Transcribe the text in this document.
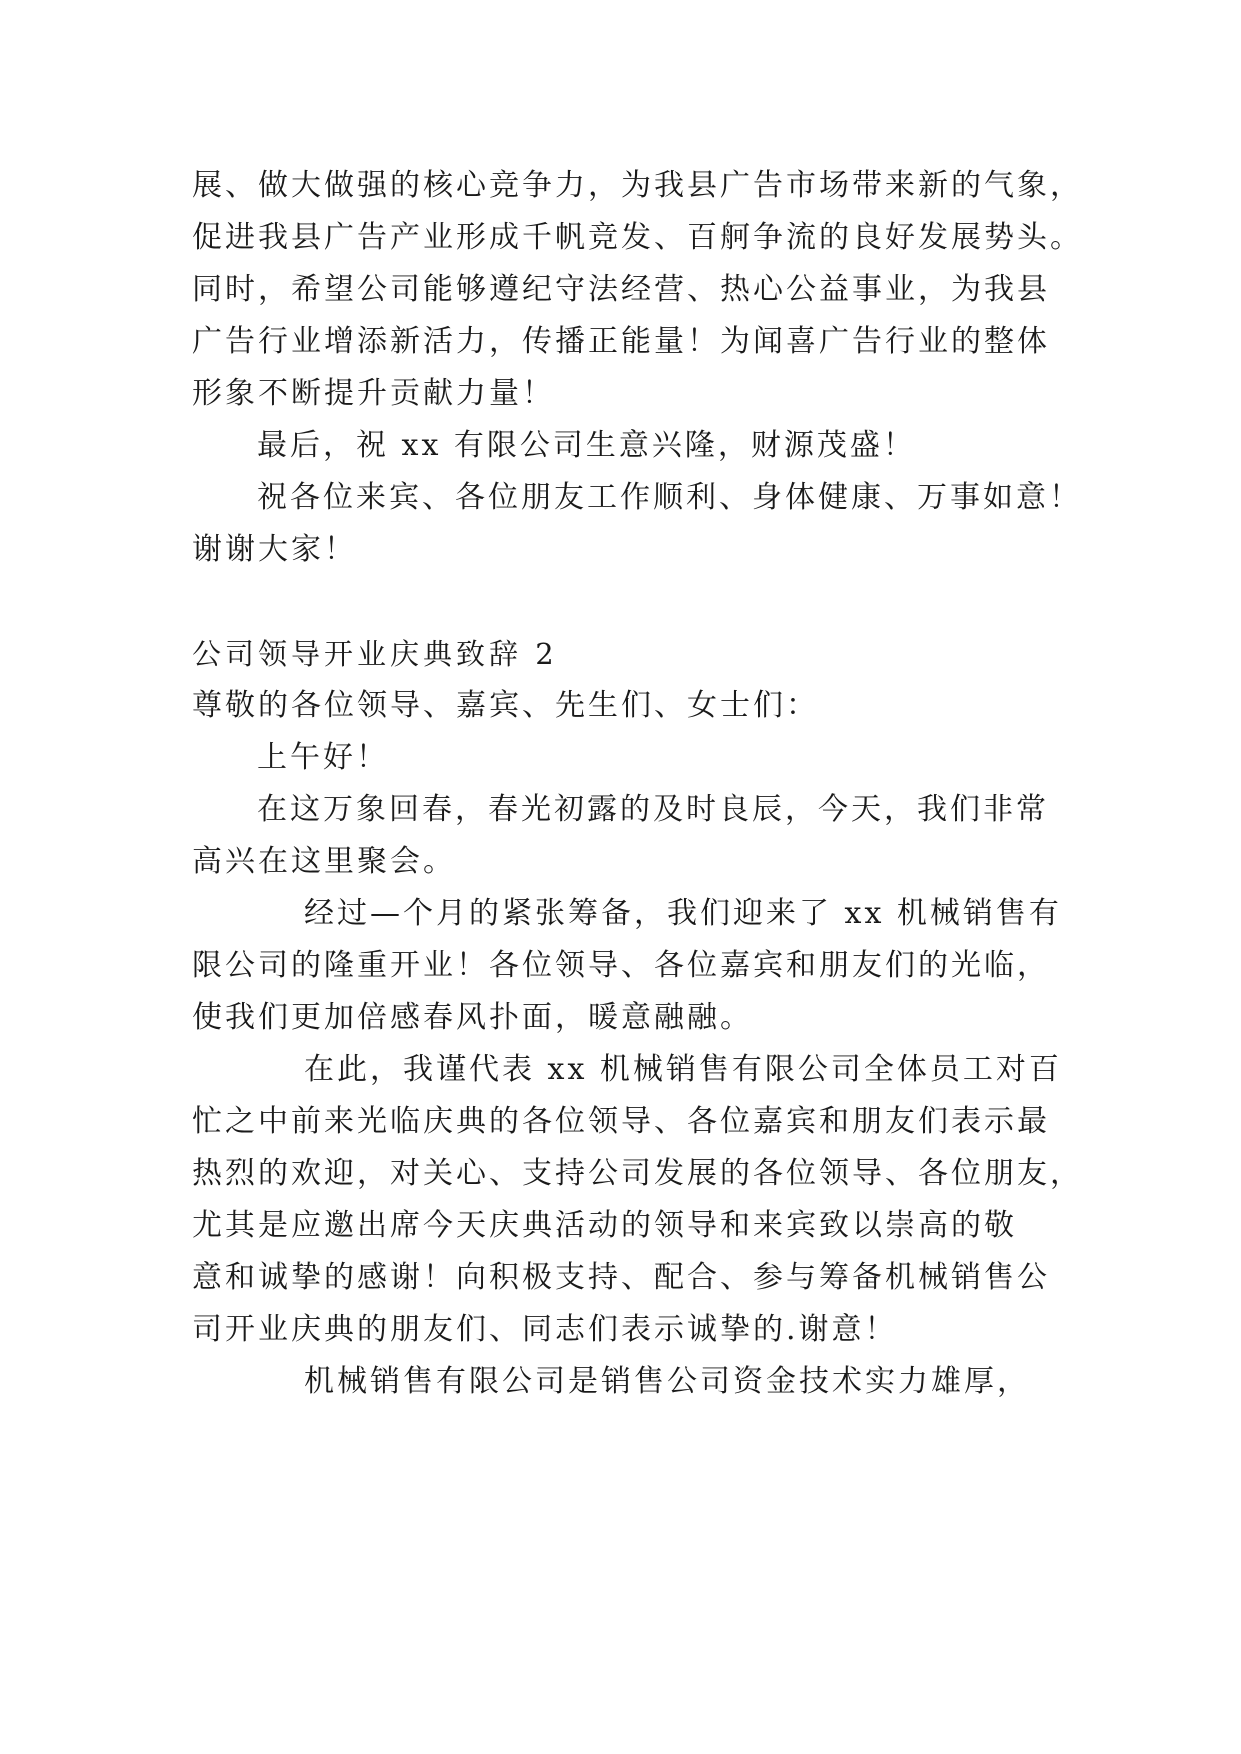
展、做大做强的核心竞争力，为我县广告市场带来新的气象，

促进我县广告产业形成千帆竞发、百舸争流的良好发展势头。

同时，希望公司能够遵纪守法经营、热心公益事业，为我县

广告行业增添新活力，传播正能量！为闻喜广告行业的整体

形象不断提升贡献力量！

最后，祝 xx 有限公司生意兴隆，财源茂盛！

祝各位来宾、各位朋友工作顺利、身体健康、万事如意！

谢谢大家！

公司领导开业庆典致辞 2

尊敬的各位领导、嘉宾、先生们、女士们：

上午好！

在这万象回春，春光初露的及时良辰，今天，我们非常

高兴在这里聚会。

经过—个月的紧张筹备，我们迎来了 xx 机械销售有

限公司的隆重开业！各位领导、各位嘉宾和朋友们的光临，

使我们更加倍感春风扑面，暖意融融。

在此，我谨代表 xx 机械销售有限公司全体员工对百

忙之中前来光临庆典的各位领导、各位嘉宾和朋友们表示最

热烈的欢迎，对关心、支持公司发展的各位领导、各位朋友，

尤其是应邀出席今天庆典活动的领导和来宾致以崇高的敬

意和诚挚的感谢！向积极支持、配合、参与筹备机械销售公

司开业庆典的朋友们、同志们表示诚挚的.谢意！

机械销售有限公司是销售公司资金技术实力雄厚，
